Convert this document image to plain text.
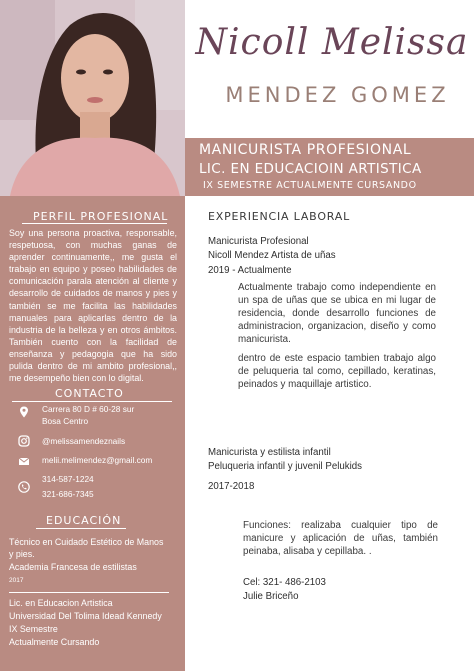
Nicoll Melissa
MENDEZ GOMEZ
MANICURISTA PROFESIONAL
LIC. EN EDUCACIOIN ARTISTICA
IX SEMESTRE ACTUALMENTE CURSANDO
PERFIL PROFESIONAL
Soy una persona proactiva, responsable, respetuosa, con muchas ganas de aprender continuamente,, me gusta el trabajo en equipo y poseo habilidades de comunicación parala atención al cliente y desarrollo de cuidados de manos y pies y también se me facilita las habilidades manuales para aplicarlas dentro de la industria de la belleza y en otros ámbitos. También cuento con la facilidad de enseñanza y pedagogia que ha sido pulida dentro de mi ambito profesional,, me desempeño bien con lo digital.
CONTACTO
Carrera 80 D # 60-28 sur
Bosa Centro
@melissamendeznails
melii.melimendez@gmail.com
314-587-1224
321-686-7345
EDUCACIÓN
Técnico en Cuidado Estético de Manos
y pies.
Academia Francesa de estilistas
2017
Lic. en Educacion Artistica
Universidad Del Tolima Idead Kennedy
IX Semestre
Actualmente Cursando
EXPERIENCIA LABORAL
Manicurista Profesional
Nicoll Mendez Artista de uñas
2019 - Actualmente
Actualmente trabajo como independiente en un spa de uñas que se ubica en mi lugar de residencia, donde desarrollo funciones de administracion, organizacion, diseño y como manicurista.
dentro de este espacio tambien trabajo algo de peluqueria tal como, cepillado, keratinas, peinados y maquillaje artistico.
Manicurista y estilista infantil
Peluqueria infantil y juvenil Pelukids
2017-2018
Funciones: realizaba cualquier tipo de manicure y aplicación de uñas, también peinaba, alisaba y cepillaba. .
Cel: 321- 486-2103
Julie Briceño
